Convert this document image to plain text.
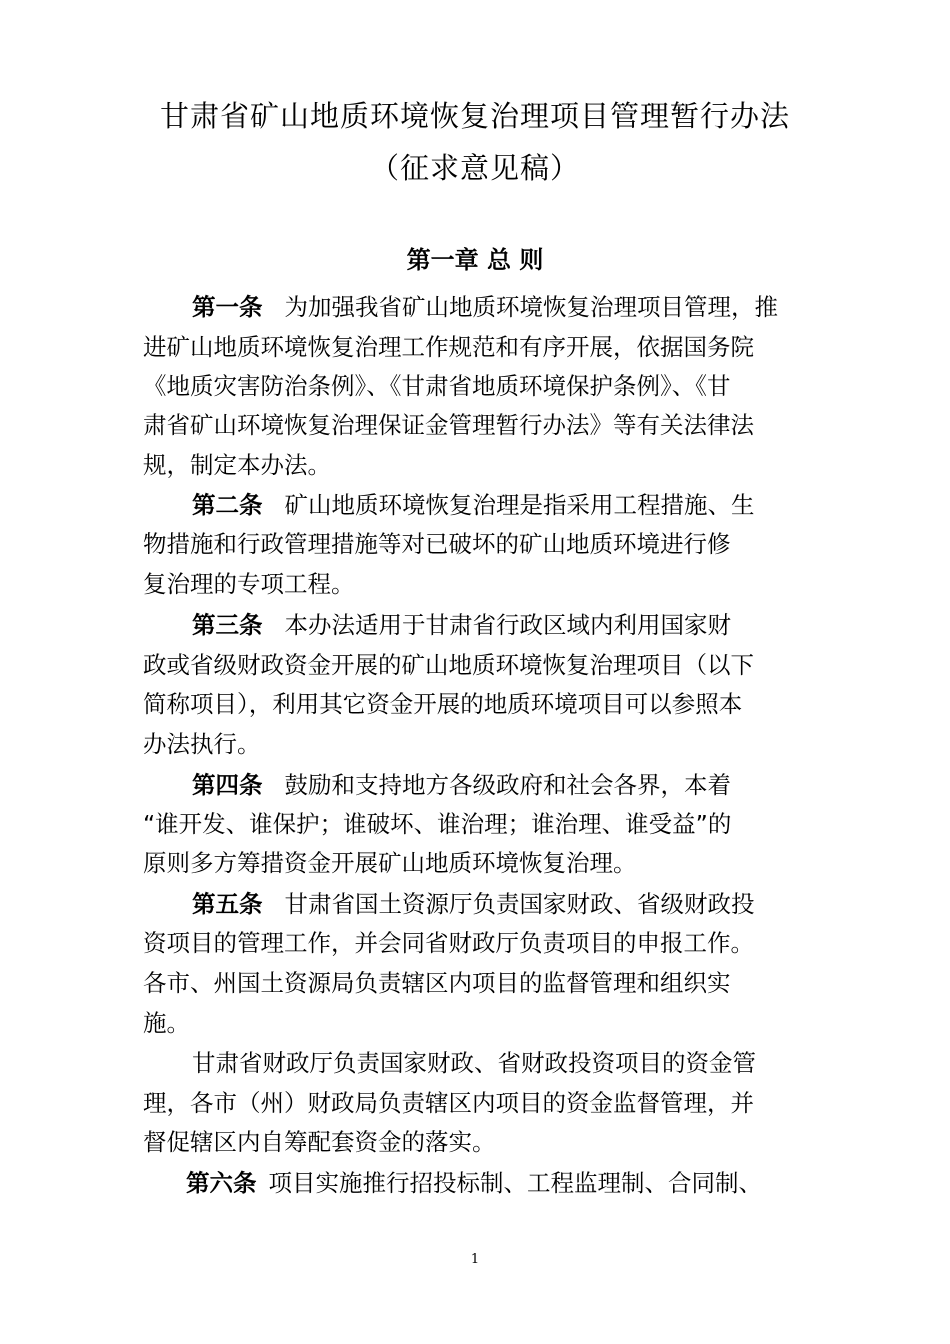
甘肃省矿山地质环境恢复治理项目管理暂行办法
（征求意见稿）
第一章 总 则
第一条 为加强我省矿山地质环境恢复治理项目管理，推
进矿山地质环境恢复治理工作规范和有序开展，依据国务院
《地质灾害防治条例》、《甘肃省地质环境保护条例》、《甘
肃省矿山环境恢复治理保证金管理暂行办法》等有关法律法
规，制定本办法。
第二条 矿山地质环境恢复治理是指采用工程措施、生
物措施和行政管理措施等对已破坏的矿山地质环境进行修
复治理的专项工程。
第三条 本办法适用于甘肃省行政区域内利用国家财
政或省级财政资金开展的矿山地质环境恢复治理项目（以下
简称项目），利用其它资金开展的地质环境项目可以参照本
办法执行。
第四条 鼓励和支持地方各级政府和社会各界，本着
“谁开发、谁保护；谁破坏、谁治理；谁治理、谁受益”的
原则多方筹措资金开展矿山地质环境恢复治理。
第五条 甘肃省国土资源厅负责国家财政、省级财政投
资项目的管理工作，并会同省财政厅负责项目的申报工作。
各市、州国土资源局负责辖区内项目的监督管理和组织实
施。
甘肃省财政厅负责国家财政、省财政投资项目的资金管
理，各市（州）财政局负责辖区内项目的资金监督管理，并
督促辖区内自筹配套资金的落实。
第六条 项目实施推行招投标制、工程监理制、合同制、
1
